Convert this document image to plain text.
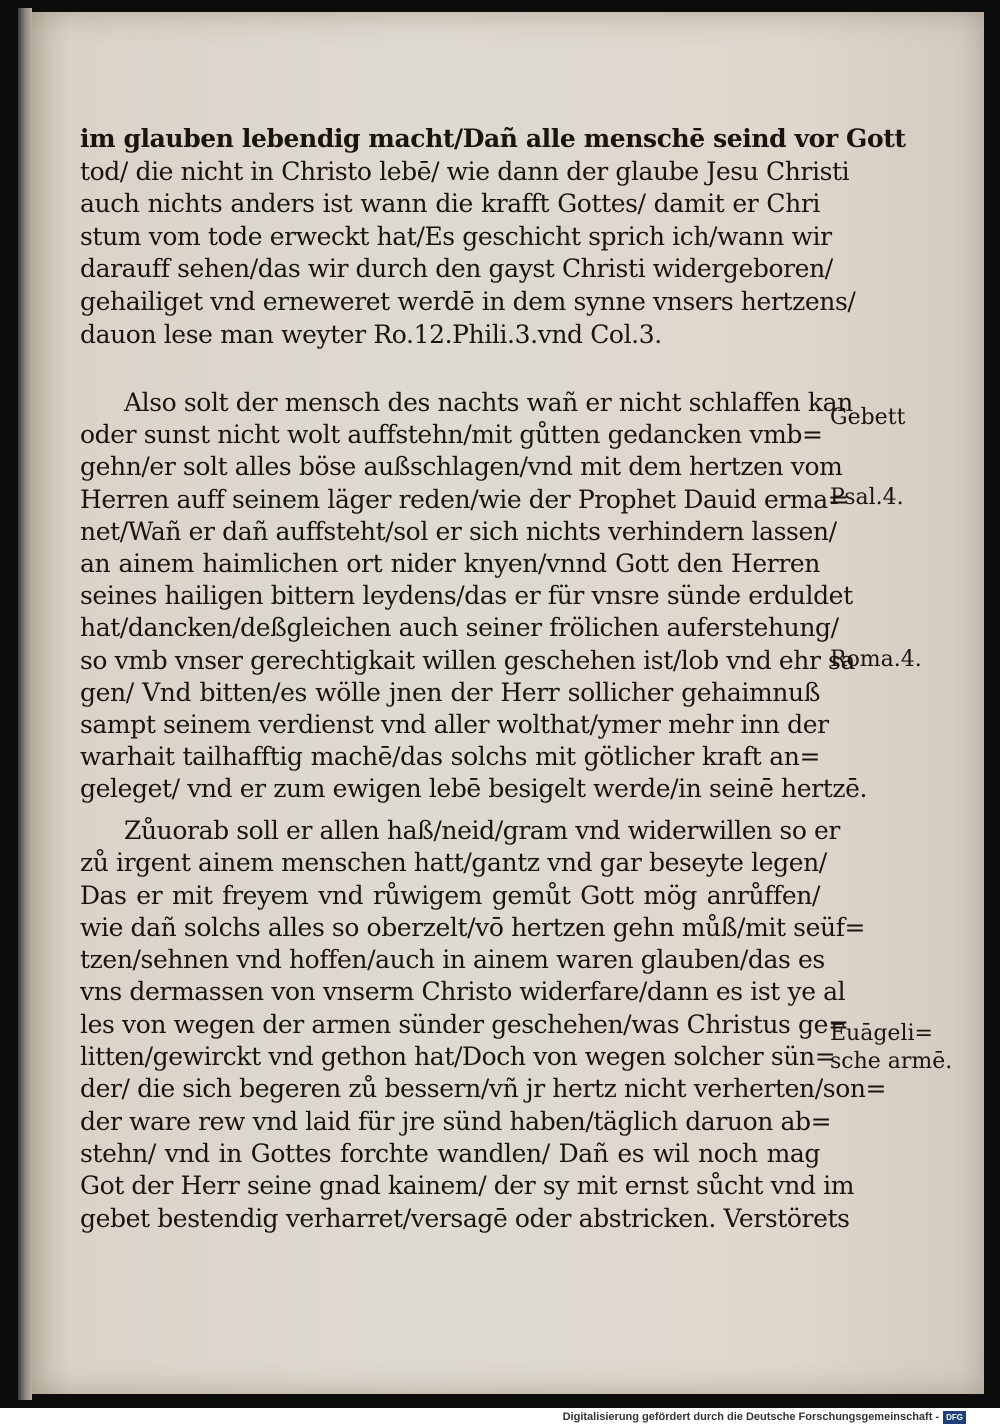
im glauben lebendig macht/Dañ alle menschē seind vor Gott
tod/ die nicht in Christo lebē/ wie dann der glaube Jesu Christi
auch nichts anders ist wann die krafft Gottes/ damit er Chri
stum vom tode erweckt hat/Es geschicht sprich ich/wann wir
darauff sehen/das wir durch den gayst Christi widergeboren/
gehailiget vnd erneweret werdē in dem synne vnsers hertzens/
dauon lese man weyter Ro.12.Phili.3.vnd Col.3.
Also solt der mensch des nachts wañ er nicht schlaffen kan
oder sunst nicht wolt auffstehn/mit gůtten gedancken vmb=
gehn/er solt alles böse außschlagen/vnd mit dem hertzen vom
Herren auff seinem läger reden/wie der Prophet Dauid erma=
net/Wañ er dañ auffsteht/sol er sich nichts verhindern lassen/
an ainem haimlichen ort nider knyen/vnnd Gott den Herren
seines hailigen bittern leydens/das er für vnsre sünde erduldet
hat/dancken/deßgleichen auch seiner frölichen auferstehung/
so vmb vnser gerechtigkait willen geschehen ist/lob vnd ehr sa
gen/ Vnd bitten/es wölle jnen der Herr sollicher gehaimnuß
sampt seinem verdienst vnd aller wolthat/ymer mehr inn der
warhait tailhafftig machē/das solchs mit götlicher kraft an=
geleget/ vnd er zum ewigen lebē besigelt werde/in seinē hertzē.
Zůuorab soll er allen haß/neid/gram vnd widerwillen so er
zů irgent ainem menschen hatt/gantz vnd gar beseyte legen/
Das er mit freyem vnd růwigem gemůt Gott mög anrůffen/
wie dañ solchs alles so oberzelt/vō hertzen gehn můß/mit seüf=
tzen/sehnen vnd hoffen/auch in ainem waren glauben/das es
vns dermassen von vnserm Christo widerfare/dann es ist ye al
les von wegen der armen sünder geschehen/was Christus ge=
litten/gewirckt vnd gethon hat/Doch von wegen solcher sün=
der/ die sich begeren zů bessern/vñ jr hertz nicht verherten/son=
der ware rew vnd laid für jre sünd haben/täglich daruon ab=
stehn/ vnd in Gottes forchte wandlen/ Dañ es wil noch mag
Got der Herr seine gnad kainem/ der sy mit ernst sůcht vnd im
gebet bestendig verharret/versagē oder abstricken. Verstörets
Gebett
Psal.4.
Roma.4.
Euāgeli=
sche armē.
Digitalisierung gefördert durch die Deutsche Forschungsgemeinschaft - DFG
